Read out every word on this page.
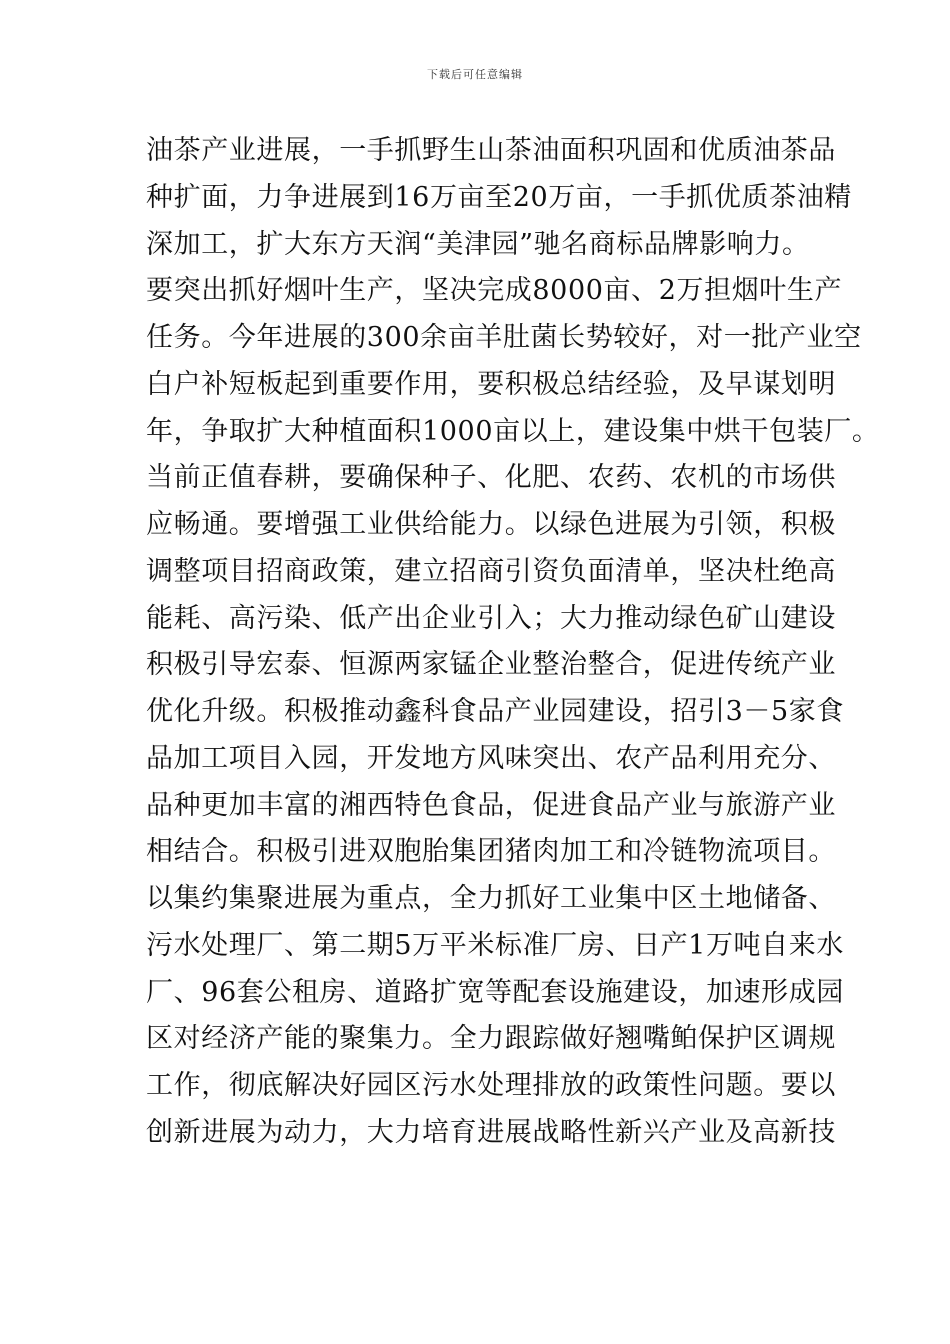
下载后可任意编辑
油茶产业进展，一手抓野生山茶油面积巩固和优质油茶品
种扩面，力争进展到16万亩至20万亩，一手抓优质茶油精
深加工，扩大东方天润“美津园”驰名商标品牌影响力。
要突出抓好烟叶生产，坚决完成8000亩、2万担烟叶生产
任务。今年进展的300余亩羊肚菌长势较好，对一批产业空
白户补短板起到重要作用，要积极总结经验，及早谋划明
年，争取扩大种植面积1000亩以上，建设集中烘干包装厂。
当前正值春耕，要确保种子、化肥、农药、农机的市场供
应畅通。要增强工业供给能力。以绿色进展为引领，积极
调整项目招商政策，建立招商引资负面清单，坚决杜绝高
能耗、高污染、低产出企业引入；大力推动绿色矿山建设
积极引导宏泰、恒源两家锰企业整治整合，促进传统产业
优化升级。积极推动鑫科食品产业园建设，招引3－5家食
品加工项目入园，开发地方风味突出、农产品利用充分、
品种更加丰富的湘西特色食品，促进食品产业与旅游产业
相结合。积极引进双胞胎集团猪肉加工和冷链物流项目。
以集约集聚进展为重点，全力抓好工业集中区土地储备、
污水处理厂、第二期5万平米标准厂房、日产1万吨自来水
厂、96套公租房、道路扩宽等配套设施建设，加速形成园
区对经济产能的聚集力。全力跟踪做好翘嘴鲌保护区调规
工作，彻底解决好园区污水处理排放的政策性问题。要以
创新进展为动力，大力培育进展战略性新兴产业及高新技
